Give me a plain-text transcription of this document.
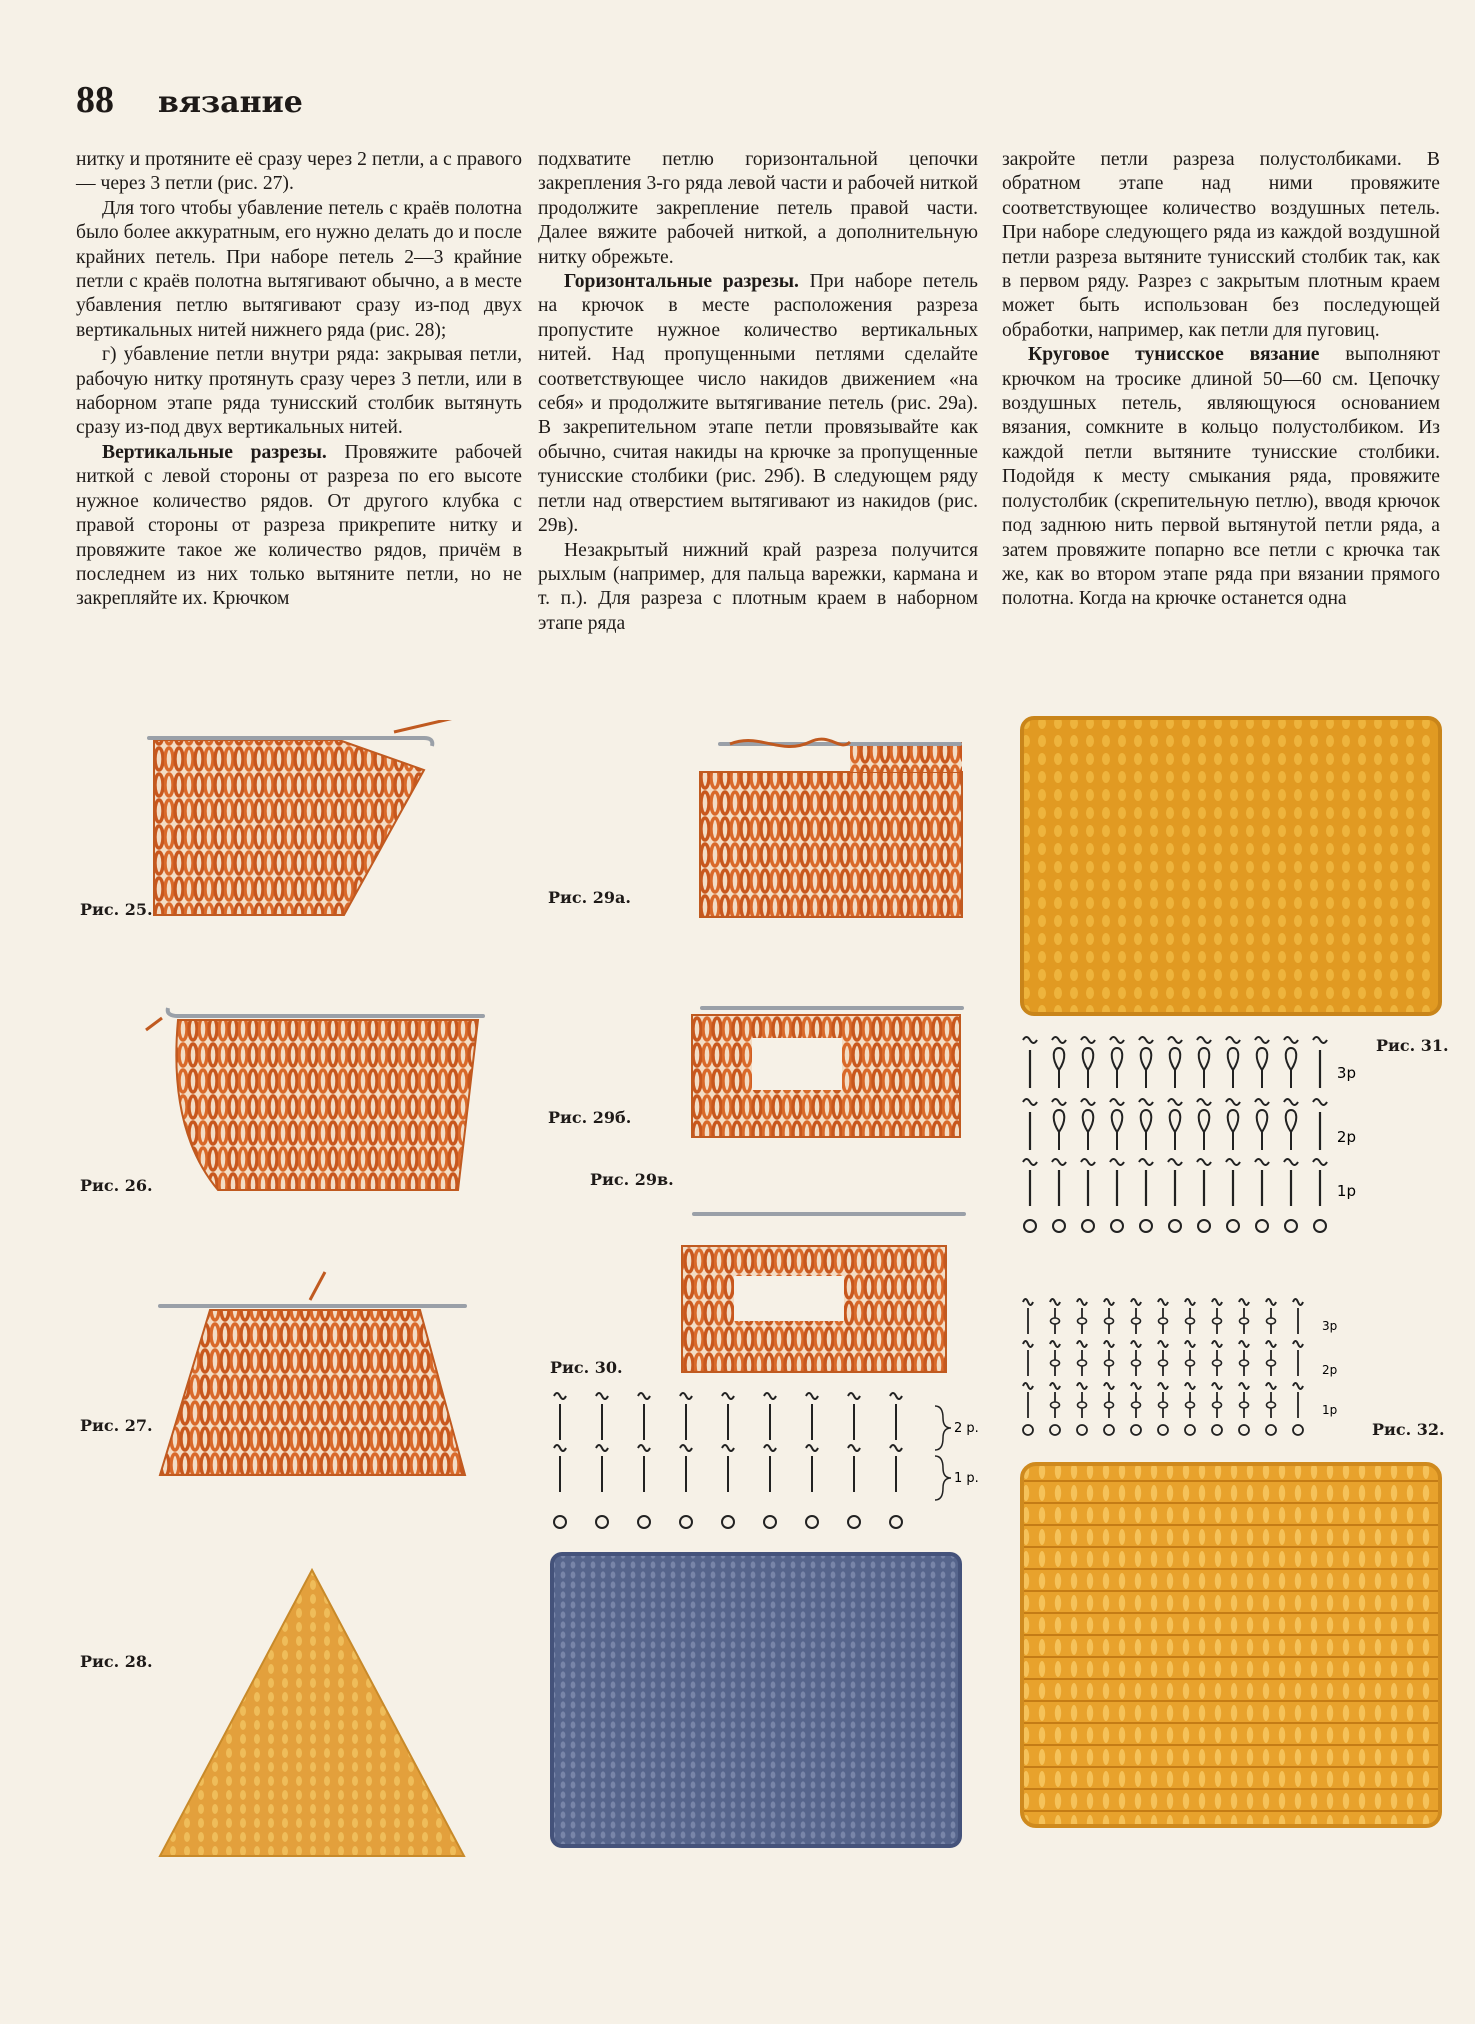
88 вязание

нитку и протяните её сразу через 2 петли, а с правого — через 3 петли (рис. 27).

Для того чтобы убавление петель с краёв полотна было более аккуратным, его нужно делать до и после крайних петель. При наборе петель 2—3 крайние петли с краёв полотна вытягивают обычно, а в месте убавления петлю вытягивают сразу из-под двух вертикальных нитей нижнего ряда (рис. 28);

г) убавление петли внутри ряда: закрывая петли, рабочую нитку протянуть сразу через 3 петли, или в наборном этапе ряда тунисский столбик вытянуть сразу из-под двух вертикальных нитей.

Вертикальные разрезы. Провяжите рабочей ниткой с левой стороны от разреза по его высоте нужное количество рядов. От другого клубка с правой стороны от разреза прикрепите нитку и провяжите такое же количество рядов, причём в последнем из них только вытяните петли, но не закрепляйте их. Крючком

подхватите петлю горизонтальной цепочки закрепления 3-го ряда левой части и рабочей ниткой продолжите закрепление петель правой части. Далее вяжите рабочей ниткой, а дополнительную нитку обрежьте.

Горизонтальные разрезы. При наборе петель на крючок в месте расположения разреза пропустите нужное количество вертикальных нитей. Над пропущенными петлями сделайте соответствующее число накидов движением «на себя» и продолжите вытягивание петель (рис. 29а). В закрепительном этапе петли провязывайте как обычно, считая накиды на крючке за пропущенные тунисские столбики (рис. 29б). В следующем ряду петли над отверстием вытягивают из накидов (рис. 29в).

Незакрытый нижний край разреза получится рыхлым (например, для пальца варежки, кармана и т. п.). Для разреза с плотным краем в наборном этапе ряда

закройте петли разреза полустолбиками. В обратном этапе над ними провяжите соответствующее количество воздушных петель. При наборе следующего ряда из каждой воздушной петли разреза вытяните тунисский столбик так, как в первом ряду. Разрез с закрытым плотным краем может быть использован без последующей обработки, например, как петли для пуговиц.

Круговое тунисское вязание выполняют крючком на тросике длиной 50—60 см. Цепочку воздушных петель, являющуюся основанием вязания, сомкните в кольцо полустолбиком. Из каждой петли вытяните тунисские столбики. Подойдя к месту смыкания ряда, провяжите полустолбик (скрепительную петлю), вводя крючок под заднюю нить первой вытянутой петли ряда, а затем провяжите попарно все петли с крючка так же, как во втором этапе ряда при вязании прямого полотна. Когда на крючке останется одна

Рис. 25.
Рис. 26.
Рис. 27.
Рис. 28.
Рис. 29а.
Рис. 29б.
Рис. 29в.
Рис. 30.
2 р.
1 р.
3р
2р
1р
Рис. 31.
3р
2р
1р
Рис. 32.
